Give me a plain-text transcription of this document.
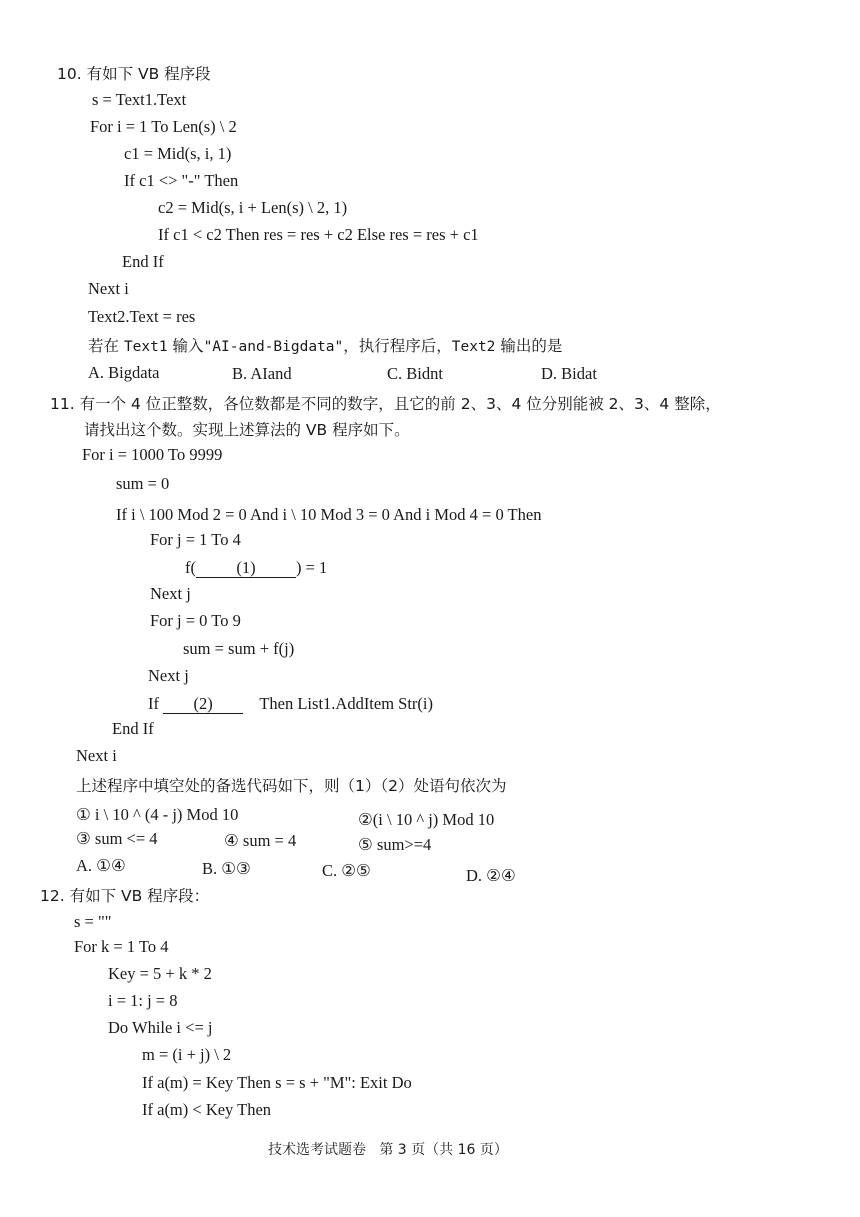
10. 有如下 VB 程序段
s = Text1.Text
For i = 1 To Len(s) \ 2
c1 = Mid(s, i, 1)
If c1 <> "-" Then
c2 = Mid(s, i + Len(s) \ 2, 1)
If c1 < c2 Then res = res + c2 Else res = res + c1
End If
Next i
Text2.Text = res
若在 Text1 输入"AI-and-Bigdata"，执行程序后，Text2 输出的是
A. Bigdata	B. AIand	C. Bidnt	D. Bidat
11. 有一个 4 位正整数，各位数都是不同的数字，且它的前 2、3、4 位分别能被 2、3、4 整除，
请找出这个数。实现上述算法的 VB 程序如下。
For i = 1000 To 9999
sum = 0
If i \ 100 Mod 2 = 0 And i \ 10 Mod 3 = 0 And i Mod 4 = 0 Then
For j = 1 To 4
f( (1) ) = 1
Next j
For j = 0 To 9
sum = sum + f(j)
Next j
If (2)	Then List1.AddItem Str(i)
End If
Next i
上述程序中填空处的备选代码如下，则（1）（2）处语句依次为
① i \ 10 ^ (4 - j) Mod 10	②(i \ 10 ^ j) Mod 10
③ sum <= 4	④ sum = 4	⑤ sum>=4
A. ①④	B. ①③	C. ②⑤	D. ②④
12. 有如下 VB 程序段：
s = ""
For k = 1 To 4
Key = 5 + k * 2
i = 1: j = 8
Do While i <= j
m = (i + j) \ 2
If a(m) = Key Then s = s + "M": Exit Do
If a(m) < Key Then
技术选考试题卷   第 3 页（共 16 页）
